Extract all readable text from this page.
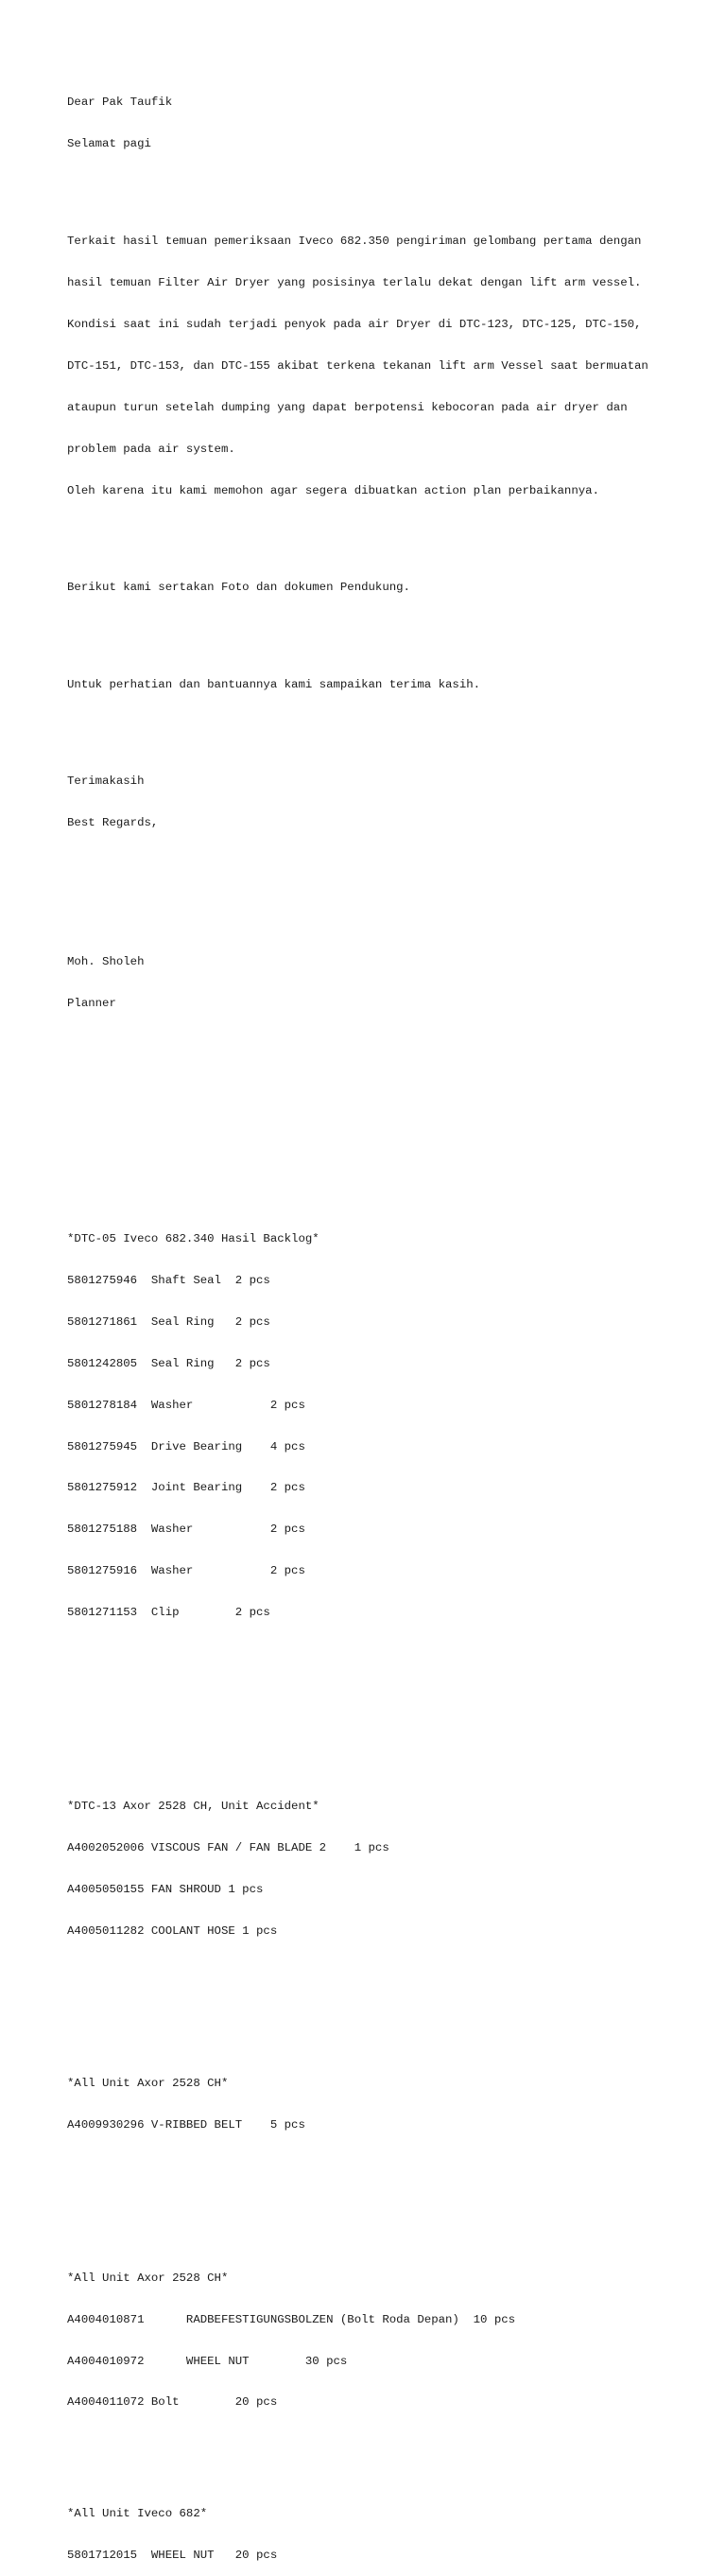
Dear Pak Taufik

Selamat pagi

Terkait hasil temuan pemeriksaan Iveco 682.350 pengiriman gelombang pertama dengan

hasil temuan Filter Air Dryer yang posisinya terlalu dekat dengan lift arm vessel.

Kondisi saat ini sudah terjadi penyok pada air Dryer di DTC-123, DTC-125, DTC-150,

DTC-151, DTC-153, dan DTC-155 akibat terkena tekanan lift arm Vessel saat bermuatan

ataupun turun setelah dumping yang dapat berpotensi kebocoran pada air dryer dan

problem pada air system.

Oleh karena itu kami memohon agar segera dibuatkan action plan perbaikannya.

Berikut kami sertakan Foto dan dokumen Pendukung.

Untuk perhatian dan bantuannya kami sampaikan terima kasih.

Terimakasih

Best Regards,

Moh. Sholeh

Planner

*DTC-05 Iveco 682.340 Hasil Backlog*

5801275946  Shaft Seal  2 pcs

5801271861  Seal Ring   2 pcs

5801242805  Seal Ring   2 pcs

5801278184  Washer           2 pcs

5801275945  Drive Bearing    4 pcs

5801275912  Joint Bearing    2 pcs

5801275188  Washer           2 pcs

5801275916  Washer           2 pcs

5801271153  Clip        2 pcs

*DTC-13 Axor 2528 CH, Unit Accident*

A4002052006 VISCOUS FAN / FAN BLADE 2    1 pcs

A4005050155 FAN SHROUD 1 pcs

A4005011282 COOLANT HOSE 1 pcs

*All Unit Axor 2528 CH*

A4009930296 V-RIBBED BELT    5 pcs

*All Unit Axor 2528 CH*

A4004010871      RADBEFESTIGUNGSBOLZEN (Bolt Roda Depan)  10 pcs

A4004010972      WHEEL NUT        30 pcs

A4004011072 Bolt        20 pcs

*All Unit Iveco 682*

5801712015  WHEEL NUT   20 pcs
